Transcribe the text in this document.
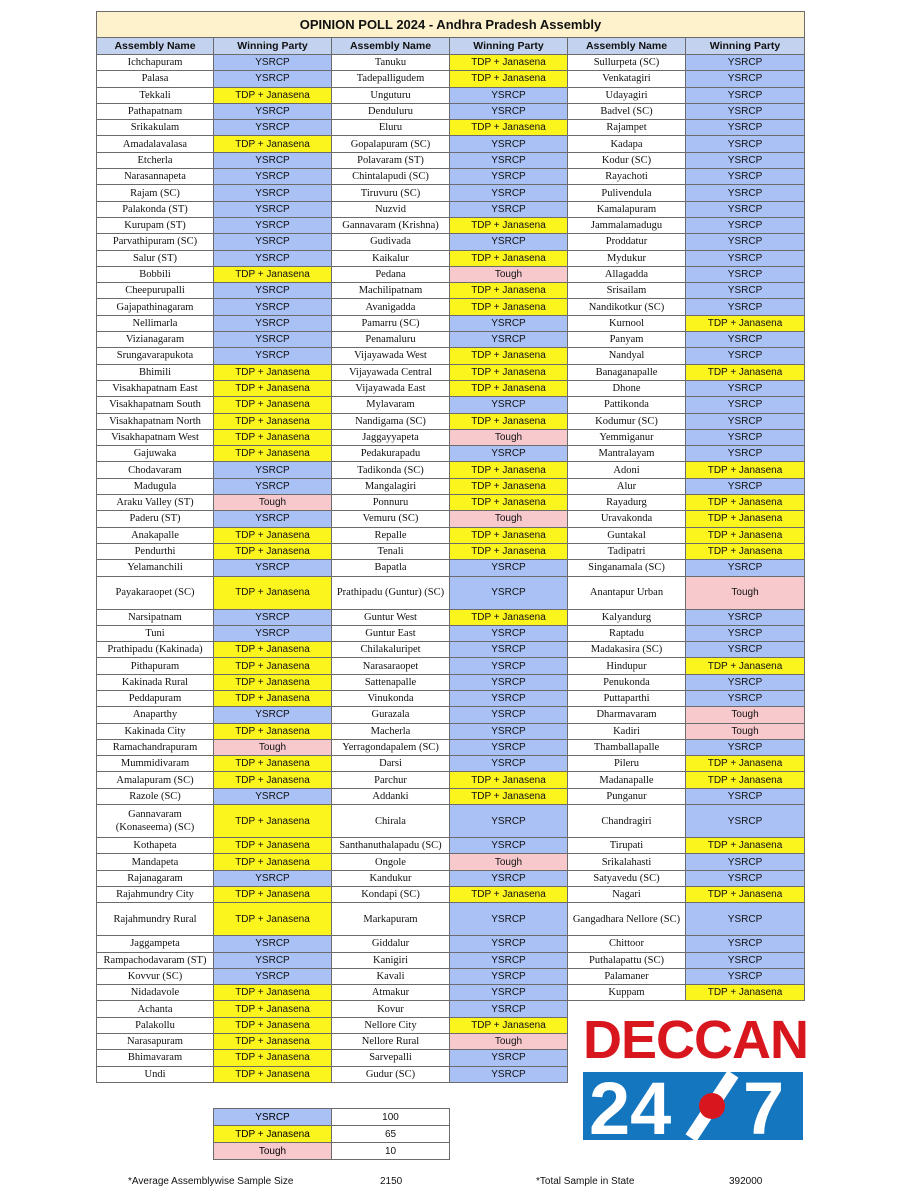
OPINION POLL 2024 - Andhra Pradesh Assembly					
Assembly Name	Winning Party	Assembly Name	Winning Party	Assembly Name	Winning Party
Ichchapuram	YSRCP	Tanuku	TDP + Janasena	Sullurpeta (SC)	YSRCP
Palasa	YSRCP	Tadepalligudem	TDP + Janasena	Venkatagiri	YSRCP
Tekkali	TDP + Janasena	Unguturu	YSRCP	Udayagiri	YSRCP
Pathapatnam	YSRCP	Denduluru	YSRCP	Badvel (SC)	YSRCP
Srikakulam	YSRCP	Eluru	TDP + Janasena	Rajampet	YSRCP
Amadalavalasa	TDP + Janasena	Gopalapuram (SC)	YSRCP	Kadapa	YSRCP
Etcherla	YSRCP	Polavaram (ST)	YSRCP	Kodur (SC)	YSRCP
Narasannapeta	YSRCP	Chintalapudi (SC)	YSRCP	Rayachoti	YSRCP
Rajam (SC)	YSRCP	Tiruvuru (SC)	YSRCP	Pulivendula	YSRCP
Palakonda (ST)	YSRCP	Nuzvid	YSRCP	Kamalapuram	YSRCP
Kurupam (ST)	YSRCP	Gannavaram (Krishna)	TDP + Janasena	Jammalamadugu	YSRCP
Parvathipuram (SC)	YSRCP	Gudivada	YSRCP	Proddatur	YSRCP
Salur (ST)	YSRCP	Kaikalur	TDP + Janasena	Mydukur	YSRCP
Bobbili	TDP + Janasena	Pedana	Tough	Allagadda	YSRCP
Cheepurupalli	YSRCP	Machilipatnam	TDP + Janasena	Srisailam	YSRCP
Gajapathinagaram	YSRCP	Avanigadda	TDP + Janasena	Nandikotkur (SC)	YSRCP
Nellimarla	YSRCP	Pamarru (SC)	YSRCP	Kurnool	TDP + Janasena
Vizianagaram	YSRCP	Penamaluru	YSRCP	Panyam	YSRCP
Srungavarapukota	YSRCP	Vijayawada West	TDP + Janasena	Nandyal	YSRCP
Bhimili	TDP + Janasena	Vijayawada Central	TDP + Janasena	Banaganapalle	TDP + Janasena
Visakhapatnam East	TDP + Janasena	Vijayawada East	TDP + Janasena	Dhone	YSRCP
Visakhapatnam South	TDP + Janasena	Mylavaram	YSRCP	Pattikonda	YSRCP
Visakhapatnam North	TDP + Janasena	Nandigama (SC)	TDP + Janasena	Kodumur (SC)	YSRCP
Visakhapatnam West	TDP + Janasena	Jaggayyapeta	Tough	Yemmiganur	YSRCP
Gajuwaka	TDP + Janasena	Pedakurapadu	YSRCP	Mantralayam	YSRCP
Chodavaram	YSRCP	Tadikonda (SC)	TDP + Janasena	Adoni	TDP + Janasena
Madugula	YSRCP	Mangalagiri	TDP + Janasena	Alur	YSRCP
Araku Valley (ST)	Tough	Ponnuru	TDP + Janasena	Rayadurg	TDP + Janasena
Paderu (ST)	YSRCP	Vemuru (SC)	Tough	Uravakonda	TDP + Janasena
Anakapalle	TDP + Janasena	Repalle	TDP + Janasena	Guntakal	TDP + Janasena
Pendurthi	TDP + Janasena	Tenali	TDP + Janasena	Tadipatri	TDP + Janasena
Yelamanchili	YSRCP	Bapatla	YSRCP	Singanamala (SC)	YSRCP
Payakaraopet (SC)	TDP + Janasena	Prathipadu (Guntur) (SC)	YSRCP	Anantapur Urban	Tough
Narsipatnam	YSRCP	Guntur West	TDP + Janasena	Kalyandurg	YSRCP
Tuni	YSRCP	Guntur East	YSRCP	Raptadu	YSRCP
Prathipadu (Kakinada)	TDP + Janasena	Chilakaluripet	YSRCP	Madakasira (SC)	YSRCP
Pithapuram	TDP + Janasena	Narasaraopet	YSRCP	Hindupur	TDP + Janasena
Kakinada Rural	TDP + Janasena	Sattenapalle	YSRCP	Penukonda	YSRCP
Peddapuram	TDP + Janasena	Vinukonda	YSRCP	Puttaparthi	YSRCP
Anaparthy	YSRCP	Gurazala	YSRCP	Dharmavaram	Tough
Kakinada City	TDP + Janasena	Macherla	YSRCP	Kadiri	Tough
Ramachandrapuram	Tough	Yerragondapalem (SC)	YSRCP	Thamballapalle	YSRCP
Mummidivaram	TDP + Janasena	Darsi	YSRCP	Pileru	TDP + Janasena
Amalapuram (SC)	TDP + Janasena	Parchur	TDP + Janasena	Madanapalle	TDP + Janasena
Razole (SC)	YSRCP	Addanki	TDP + Janasena	Punganur	YSRCP
Gannavaram (Konaseema) (SC)	TDP + Janasena	Chirala	YSRCP	Chandragiri	YSRCP
Kothapeta	TDP + Janasena	Santhanuthalapadu (SC)	YSRCP	Tirupati	TDP + Janasena
Mandapeta	TDP + Janasena	Ongole	Tough	Srikalahasti	YSRCP
Rajanagaram	YSRCP	Kandukur	YSRCP	Satyavedu (SC)	YSRCP
Rajahmundry City	TDP + Janasena	Kondapi (SC)	TDP + Janasena	Nagari	TDP + Janasena
Rajahmundry Rural	TDP + Janasena	Markapuram	YSRCP	Gangadhara Nellore (SC)	YSRCP
Jaggampeta	YSRCP	Giddalur	YSRCP	Chittoor	YSRCP
Rampachodavaram (ST)	YSRCP	Kanigiri	YSRCP	Puthalapattu (SC)	YSRCP
Kovvur (SC)	YSRCP	Kavali	YSRCP	Palamaner	YSRCP
Nidadavole	TDP + Janasena	Atmakur	YSRCP	Kuppam	TDP + Janasena
Achanta	TDP + Janasena	Kovur	YSRCP		
Palakollu	TDP + Janasena	Nellore City	TDP + Janasena		
Narasapuram	TDP + Janasena	Nellore Rural	Tough		
Bhimavaram	TDP + Janasena	Sarvepalli	YSRCP		
Undi	TDP + Janasena	Gudur (SC)	YSRCP		
YSRCP	100
TDP + Janasena	65
Tough	10
*Average Assemblywise Sample Size	2150	*Total Sample in State	392000
DECCAN
24 7
